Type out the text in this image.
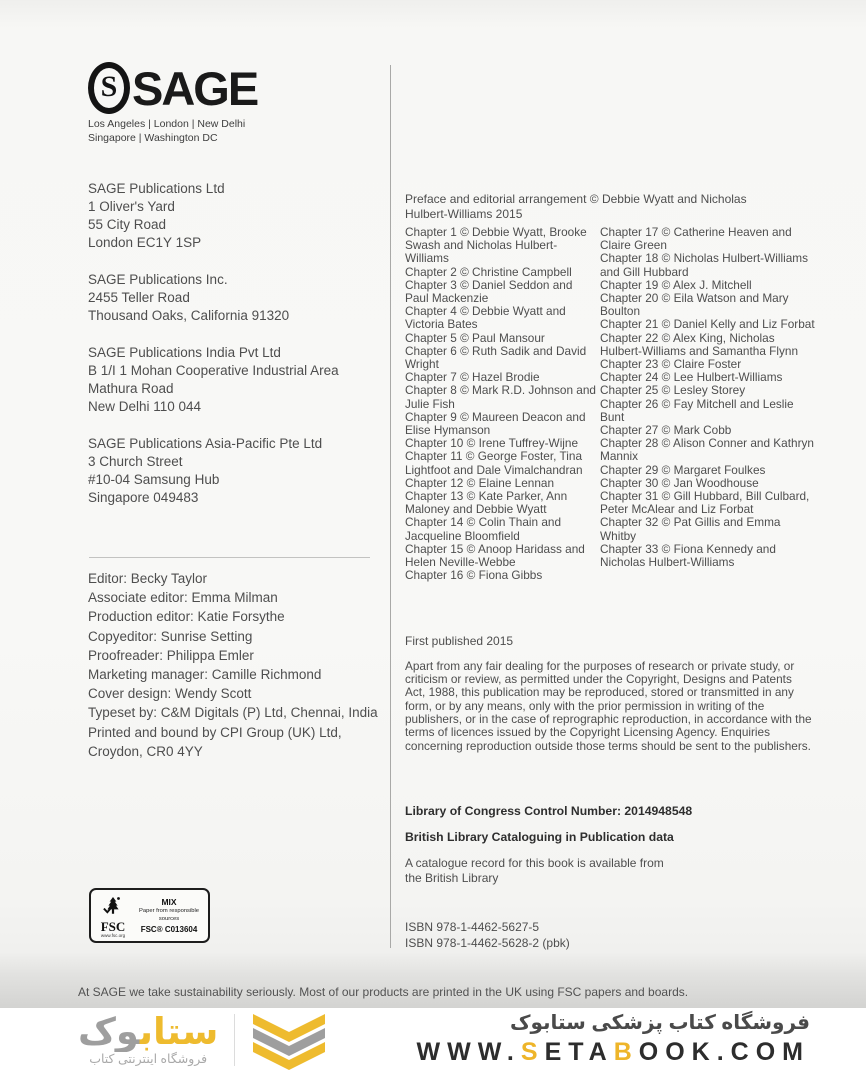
S SAGE
Los Angeles | London | New Delhi
Singapore | Washington DC
SAGE Publications Ltd
1 Oliver's Yard
55 City Road
London EC1Y 1SP
SAGE Publications Inc.
2455 Teller Road
Thousand Oaks, California 91320
SAGE Publications India Pvt Ltd
B 1/I 1 Mohan Cooperative Industrial Area
Mathura Road
New Delhi 110 044
SAGE Publications Asia-Pacific Pte Ltd
3 Church Street
#10-04 Samsung Hub
Singapore 049483

Editor: Becky Taylor

Associate editor: Emma Milman

Production editor: Katie Forsythe

Copyeditor: Sunrise Setting

Proofreader: Philippa Emler

Marketing manager: Camille Richmond

Cover design: Wendy Scott

Typeset by: C&M Digitals (P) Ltd, Chennai, India

Printed and bound by CPI Group (UK) Ltd, Croydon, CR0 4YY

Preface and editorial arrangement © Debbie Wyatt and Nicholas Hulbert-Williams 2015

Chapter 1 © Debbie Wyatt, Brooke Swash and Nicholas Hulbert-Williams

Chapter 2 © Christine Campbell

Chapter 3 © Daniel Seddon and Paul Mackenzie

Chapter 4 © Debbie Wyatt and Victoria Bates

Chapter 5 © Paul Mansour

Chapter 6 © Ruth Sadik and David Wright

Chapter 7 © Hazel Brodie

Chapter 8 © Mark R.D. Johnson and Julie Fish

Chapter 9 © Maureen Deacon and Elise Hymanson

Chapter 10 © Irene Tuffrey-Wijne

Chapter 11 © George Foster, Tina Lightfoot and Dale Vimalchandran

Chapter 12 © Elaine Lennan

Chapter 13 © Kate Parker, Ann Maloney and Debbie Wyatt

Chapter 14 © Colin Thain and Jacqueline Bloomfield

Chapter 15 © Anoop Haridass and Helen Neville-Webbe

Chapter 16 © Fiona Gibbs

Chapter 17 © Catherine Heaven and Claire Green

Chapter 18 © Nicholas Hulbert-Williams and Gill Hubbard

Chapter 19 © Alex J. Mitchell

Chapter 20 © Eila Watson and Mary Boulton

Chapter 21 © Daniel Kelly and Liz Forbat

Chapter 22 © Alex King, Nicholas Hulbert-Williams and Samantha Flynn

Chapter 23 © Claire Foster

Chapter 24 © Lee Hulbert-Williams

Chapter 25 © Lesley Storey

Chapter 26 © Fay Mitchell and Leslie Bunt

Chapter 27 © Mark Cobb

Chapter 28 © Alison Conner and Kathryn Mannix

Chapter 29 © Margaret Foulkes

Chapter 30 © Jan Woodhouse

Chapter 31 © Gill Hubbard, Bill Culbard, Peter McAlear and Liz Forbat

Chapter 32 © Pat Gillis and Emma Whitby

Chapter 33 © Fiona Kennedy and Nicholas Hulbert-Williams

First published 2015

Apart from any fair dealing for the purposes of research or private study, or criticism or review, as permitted under the Copyright, Designs and Patents Act, 1988, this publication may be reproduced, stored or transmitted in any form, or by any means, only with the prior permission in writing of the publishers, or in the case of reprographic reproduction, in accordance with the terms of licences issued by the Copyright Licensing Agency. Enquiries concerning reproduction outside those terms should be sent to the publishers.

Library of Congress Control Number: 2014948548

British Library Cataloguing in Publication data

A catalogue record for this book is available from the British Library

ISBN 978-1-4462-5627-5

ISBN 978-1-4462-5628-2 (pbk)

FSC
www.fsc.org
MIX
Paper from responsible sources
FSC® C013604

At SAGE we take sustainability seriously. Most of our products are printed in the UK using FSC papers and boards.

ستابوک
فروشگاه اینترنتی کتاب
فروشگاه کتاب پزشکی ستابوک
WWW.SETABOOK.COM
